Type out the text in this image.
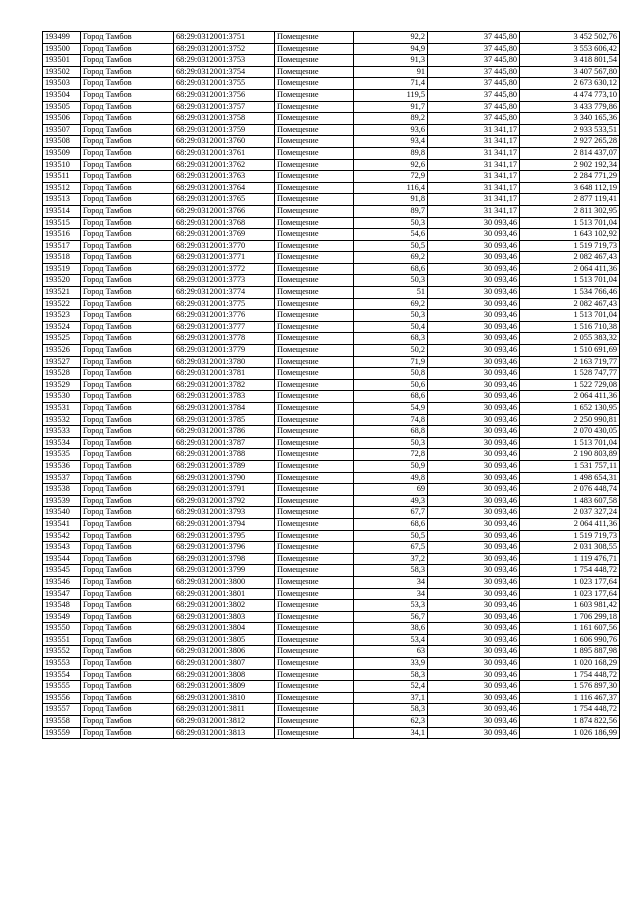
193499	Город Тамбов	68:29:0312001:3751	Помещение	92,2	37 445,80	3 452 502,76
193500	Город Тамбов	68:29:0312001:3752	Помещение	94,9	37 445,80	3 553 606,42
193501	Город Тамбов	68:29:0312001:3753	Помещение	91,3	37 445,80	3 418 801,54
193502	Город Тамбов	68:29:0312001:3754	Помещение	91	37 445,80	3 407 567,80
193503	Город Тамбов	68:29:0312001:3755	Помещение	71,4	37 445,80	2 673 630,12
193504	Город Тамбов	68:29:0312001:3756	Помещение	119,5	37 445,80	4 474 773,10
193505	Город Тамбов	68:29:0312001:3757	Помещение	91,7	37 445,80	3 433 779,86
193506	Город Тамбов	68:29:0312001:3758	Помещение	89,2	37 445,80	3 340 165,36
193507	Город Тамбов	68:29:0312001:3759	Помещение	93,6	31 341,17	2 933 533,51
193508	Город Тамбов	68:29:0312001:3760	Помещение	93,4	31 341,17	2 927 265,28
193509	Город Тамбов	68:29:0312001:3761	Помещение	89,8	31 341,17	2 814 437,07
193510	Город Тамбов	68:29:0312001:3762	Помещение	92,6	31 341,17	2 902 192,34
193511	Город Тамбов	68:29:0312001:3763	Помещение	72,9	31 341,17	2 284 771,29
193512	Город Тамбов	68:29:0312001:3764	Помещение	116,4	31 341,17	3 648 112,19
193513	Город Тамбов	68:29:0312001:3765	Помещение	91,8	31 341,17	2 877 119,41
193514	Город Тамбов	68:29:0312001:3766	Помещение	89,7	31 341,17	2 811 302,95
193515	Город Тамбов	68:29:0312001:3768	Помещение	50,3	30 093,46	1 513 701,04
193516	Город Тамбов	68:29:0312001:3769	Помещение	54,6	30 093,46	1 643 102,92
193517	Город Тамбов	68:29:0312001:3770	Помещение	50,5	30 093,46	1 519 719,73
193518	Город Тамбов	68:29:0312001:3771	Помещение	69,2	30 093,46	2 082 467,43
193519	Город Тамбов	68:29:0312001:3772	Помещение	68,6	30 093,46	2 064 411,36
193520	Город Тамбов	68:29:0312001:3773	Помещение	50,3	30 093,46	1 513 701,04
193521	Город Тамбов	68:29:0312001:3774	Помещение	51	30 093,46	1 534 766,46
193522	Город Тамбов	68:29:0312001:3775	Помещение	69,2	30 093,46	2 082 467,43
193523	Город Тамбов	68:29:0312001:3776	Помещение	50,3	30 093,46	1 513 701,04
193524	Город Тамбов	68:29:0312001:3777	Помещение	50,4	30 093,46	1 516 710,38
193525	Город Тамбов	68:29:0312001:3778	Помещение	68,3	30 093,46	2 055 383,32
193526	Город Тамбов	68:29:0312001:3779	Помещение	50,2	30 093,46	1 510 691,69
193527	Город Тамбов	68:29:0312001:3780	Помещение	71,9	30 093,46	2 163 719,77
193528	Город Тамбов	68:29:0312001:3781	Помещение	50,8	30 093,46	1 528 747,77
193529	Город Тамбов	68:29:0312001:3782	Помещение	50,6	30 093,46	1 522 729,08
193530	Город Тамбов	68:29:0312001:3783	Помещение	68,6	30 093,46	2 064 411,36
193531	Город Тамбов	68:29:0312001:3784	Помещение	54,9	30 093,46	1 652 130,95
193532	Город Тамбов	68:29:0312001:3785	Помещение	74,8	30 093,46	2 250 990,81
193533	Город Тамбов	68:29:0312001:3786	Помещение	68,8	30 093,46	2 070 430,05
193534	Город Тамбов	68:29:0312001:3787	Помещение	50,3	30 093,46	1 513 701,04
193535	Город Тамбов	68:29:0312001:3788	Помещение	72,8	30 093,46	2 190 803,89
193536	Город Тамбов	68:29:0312001:3789	Помещение	50,9	30 093,46	1 531 757,11
193537	Город Тамбов	68:29:0312001:3790	Помещение	49,8	30 093,46	1 498 654,31
193538	Город Тамбов	68:29:0312001:3791	Помещение	69	30 093,46	2 076 448,74
193539	Город Тамбов	68:29:0312001:3792	Помещение	49,3	30 093,46	1 483 607,58
193540	Город Тамбов	68:29:0312001:3793	Помещение	67,7	30 093,46	2 037 327,24
193541	Город Тамбов	68:29:0312001:3794	Помещение	68,6	30 093,46	2 064 411,36
193542	Город Тамбов	68:29:0312001:3795	Помещение	50,5	30 093,46	1 519 719,73
193543	Город Тамбов	68:29:0312001:3796	Помещение	67,5	30 093,46	2 031 308,55
193544	Город Тамбов	68:29:0312001:3798	Помещение	37,2	30 093,46	1 119 476,71
193545	Город Тамбов	68:29:0312001:3799	Помещение	58,3	30 093,46	1 754 448,72
193546	Город Тамбов	68:29:0312001:3800	Помещение	34	30 093,46	1 023 177,64
193547	Город Тамбов	68:29:0312001:3801	Помещение	34	30 093,46	1 023 177,64
193548	Город Тамбов	68:29:0312001:3802	Помещение	53,3	30 093,46	1 603 981,42
193549	Город Тамбов	68:29:0312001:3803	Помещение	56,7	30 093,46	1 706 299,18
193550	Город Тамбов	68:29:0312001:3804	Помещение	38,6	30 093,46	1 161 607,56
193551	Город Тамбов	68:29:0312001:3805	Помещение	53,4	30 093,46	1 606 990,76
193552	Город Тамбов	68:29:0312001:3806	Помещение	63	30 093,46	1 895 887,98
193553	Город Тамбов	68:29:0312001:3807	Помещение	33,9	30 093,46	1 020 168,29
193554	Город Тамбов	68:29:0312001:3808	Помещение	58,3	30 093,46	1 754 448,72
193555	Город Тамбов	68:29:0312001:3809	Помещение	52,4	30 093,46	1 576 897,30
193556	Город Тамбов	68:29:0312001:3810	Помещение	37,1	30 093,46	1 116 467,37
193557	Город Тамбов	68:29:0312001:3811	Помещение	58,3	30 093,46	1 754 448,72
193558	Город Тамбов	68:29:0312001:3812	Помещение	62,3	30 093,46	1 874 822,56
193559	Город Тамбов	68:29:0312001:3813	Помещение	34,1	30 093,46	1 026 186,99
